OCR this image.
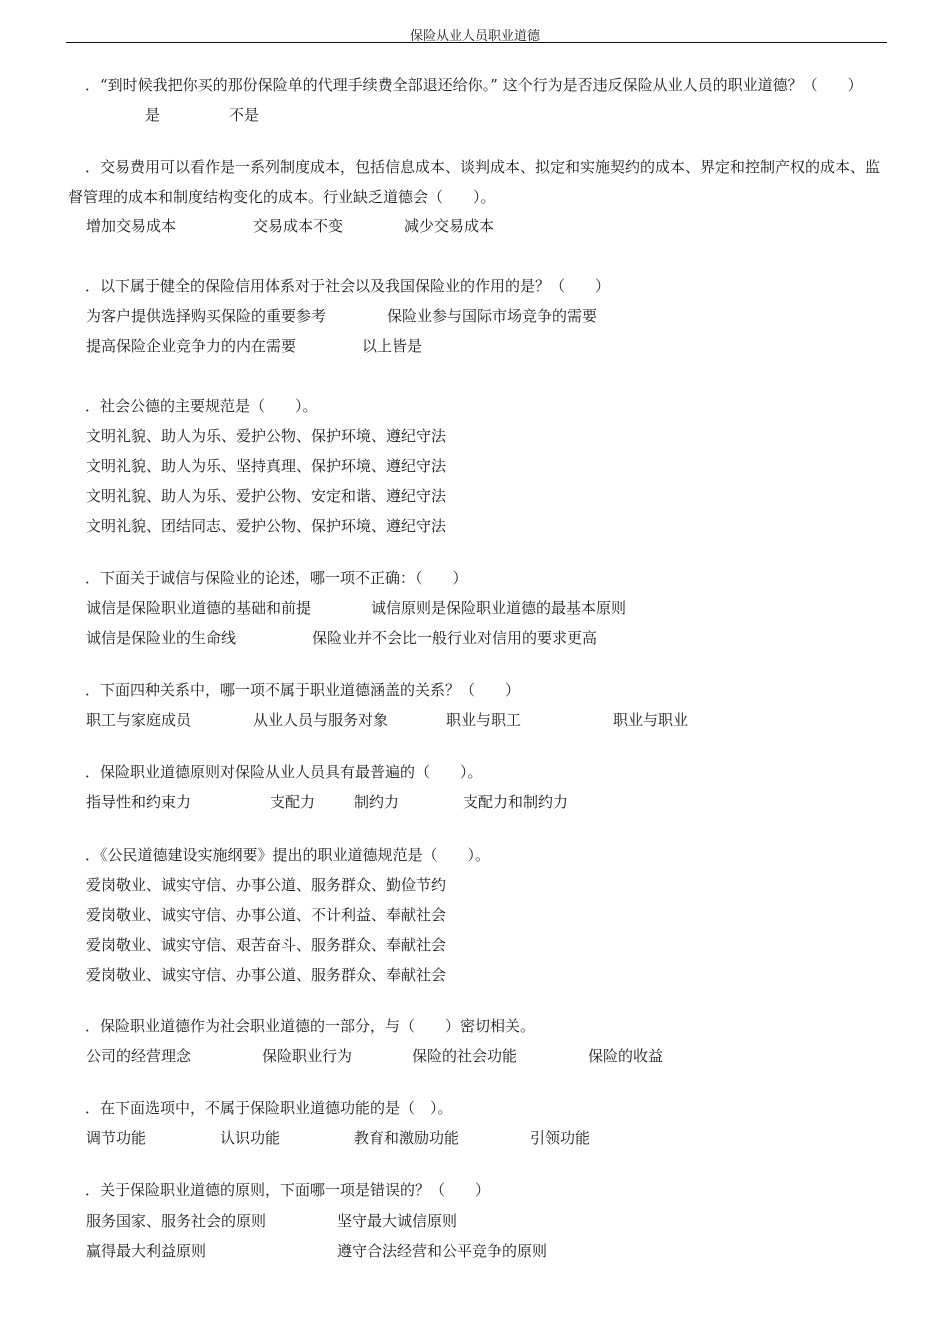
保险从业人员职业道德
．“到时候我把你买的那份保险单的代理手续费全部退还给你。” 这个行为是否违反保险从业人员的职业道德？（　　）是	不是
．交易费用可以看作是一系列制度成本，包括信息成本、谈判成本、拟定和实施契约的成本、界定和控制产权的成本、监督管理的成本和制度结构变化的成本。行业缺乏道德会（　　）。
增加交易成本	交易成本不变	减少交易成本
．以下属于健全的保险信用体系对于社会以及我国保险业的作用的是？（　　）
为客户提供选择购买保险的重要参考	保险业参与国际市场竞争的需要
提高保险企业竞争力的内在需要	以上皆是
．社会公德的主要规范是（　　）。
文明礼貌、助人为乐、爱护公物、保护环境、遵纪守法
文明礼貌、助人为乐、坚持真理、保护环境、遵纪守法
文明礼貌、助人为乐、爱护公物、安定和谐、遵纪守法
文明礼貌、团结同志、爱护公物、保护环境、遵纪守法
．下面关于诚信与保险业的论述，哪一项不正确：（　　）
诚信是保险职业道德的基础和前提	诚信原则是保险职业道德的最基本原则
诚信是保险业的生命线	保险业并不会比一般行业对信用的要求更高
．下面四种关系中，哪一项不属于职业道德涵盖的关系？（　　）
职工与家庭成员	从业人员与服务对象	职业与职工	职业与职业
．保险职业道德原则对保险从业人员具有最普遍的（　　）。
指导性和约束力	支配力	制约力	支配力和制约力
．《公民道德建设实施纲要》提出的职业道德规范是（　　）。
爱岗敬业、诚实守信、办事公道、服务群众、勤俭节约
爱岗敬业、诚实守信、办事公道、不计利益、奉献社会
爱岗敬业、诚实守信、艰苦奋斗、服务群众、奉献社会
爱岗敬业、诚实守信、办事公道、服务群众、奉献社会
．保险职业道德作为社会职业道德的一部分，与（　　）密切相关。
公司的经营理念	保险职业行为	保险的社会功能	保险的收益
．在下面选项中，不属于保险职业道德功能的是（　）。
调节功能	认识功能	教育和激励功能	引领功能
．关于保险职业道德的原则，下面哪一项是错误的？（　　）
服务国家、服务社会的原则	坚守最大诚信原则
赢得最大利益原则	遵守合法经营和公平竞争的原则
